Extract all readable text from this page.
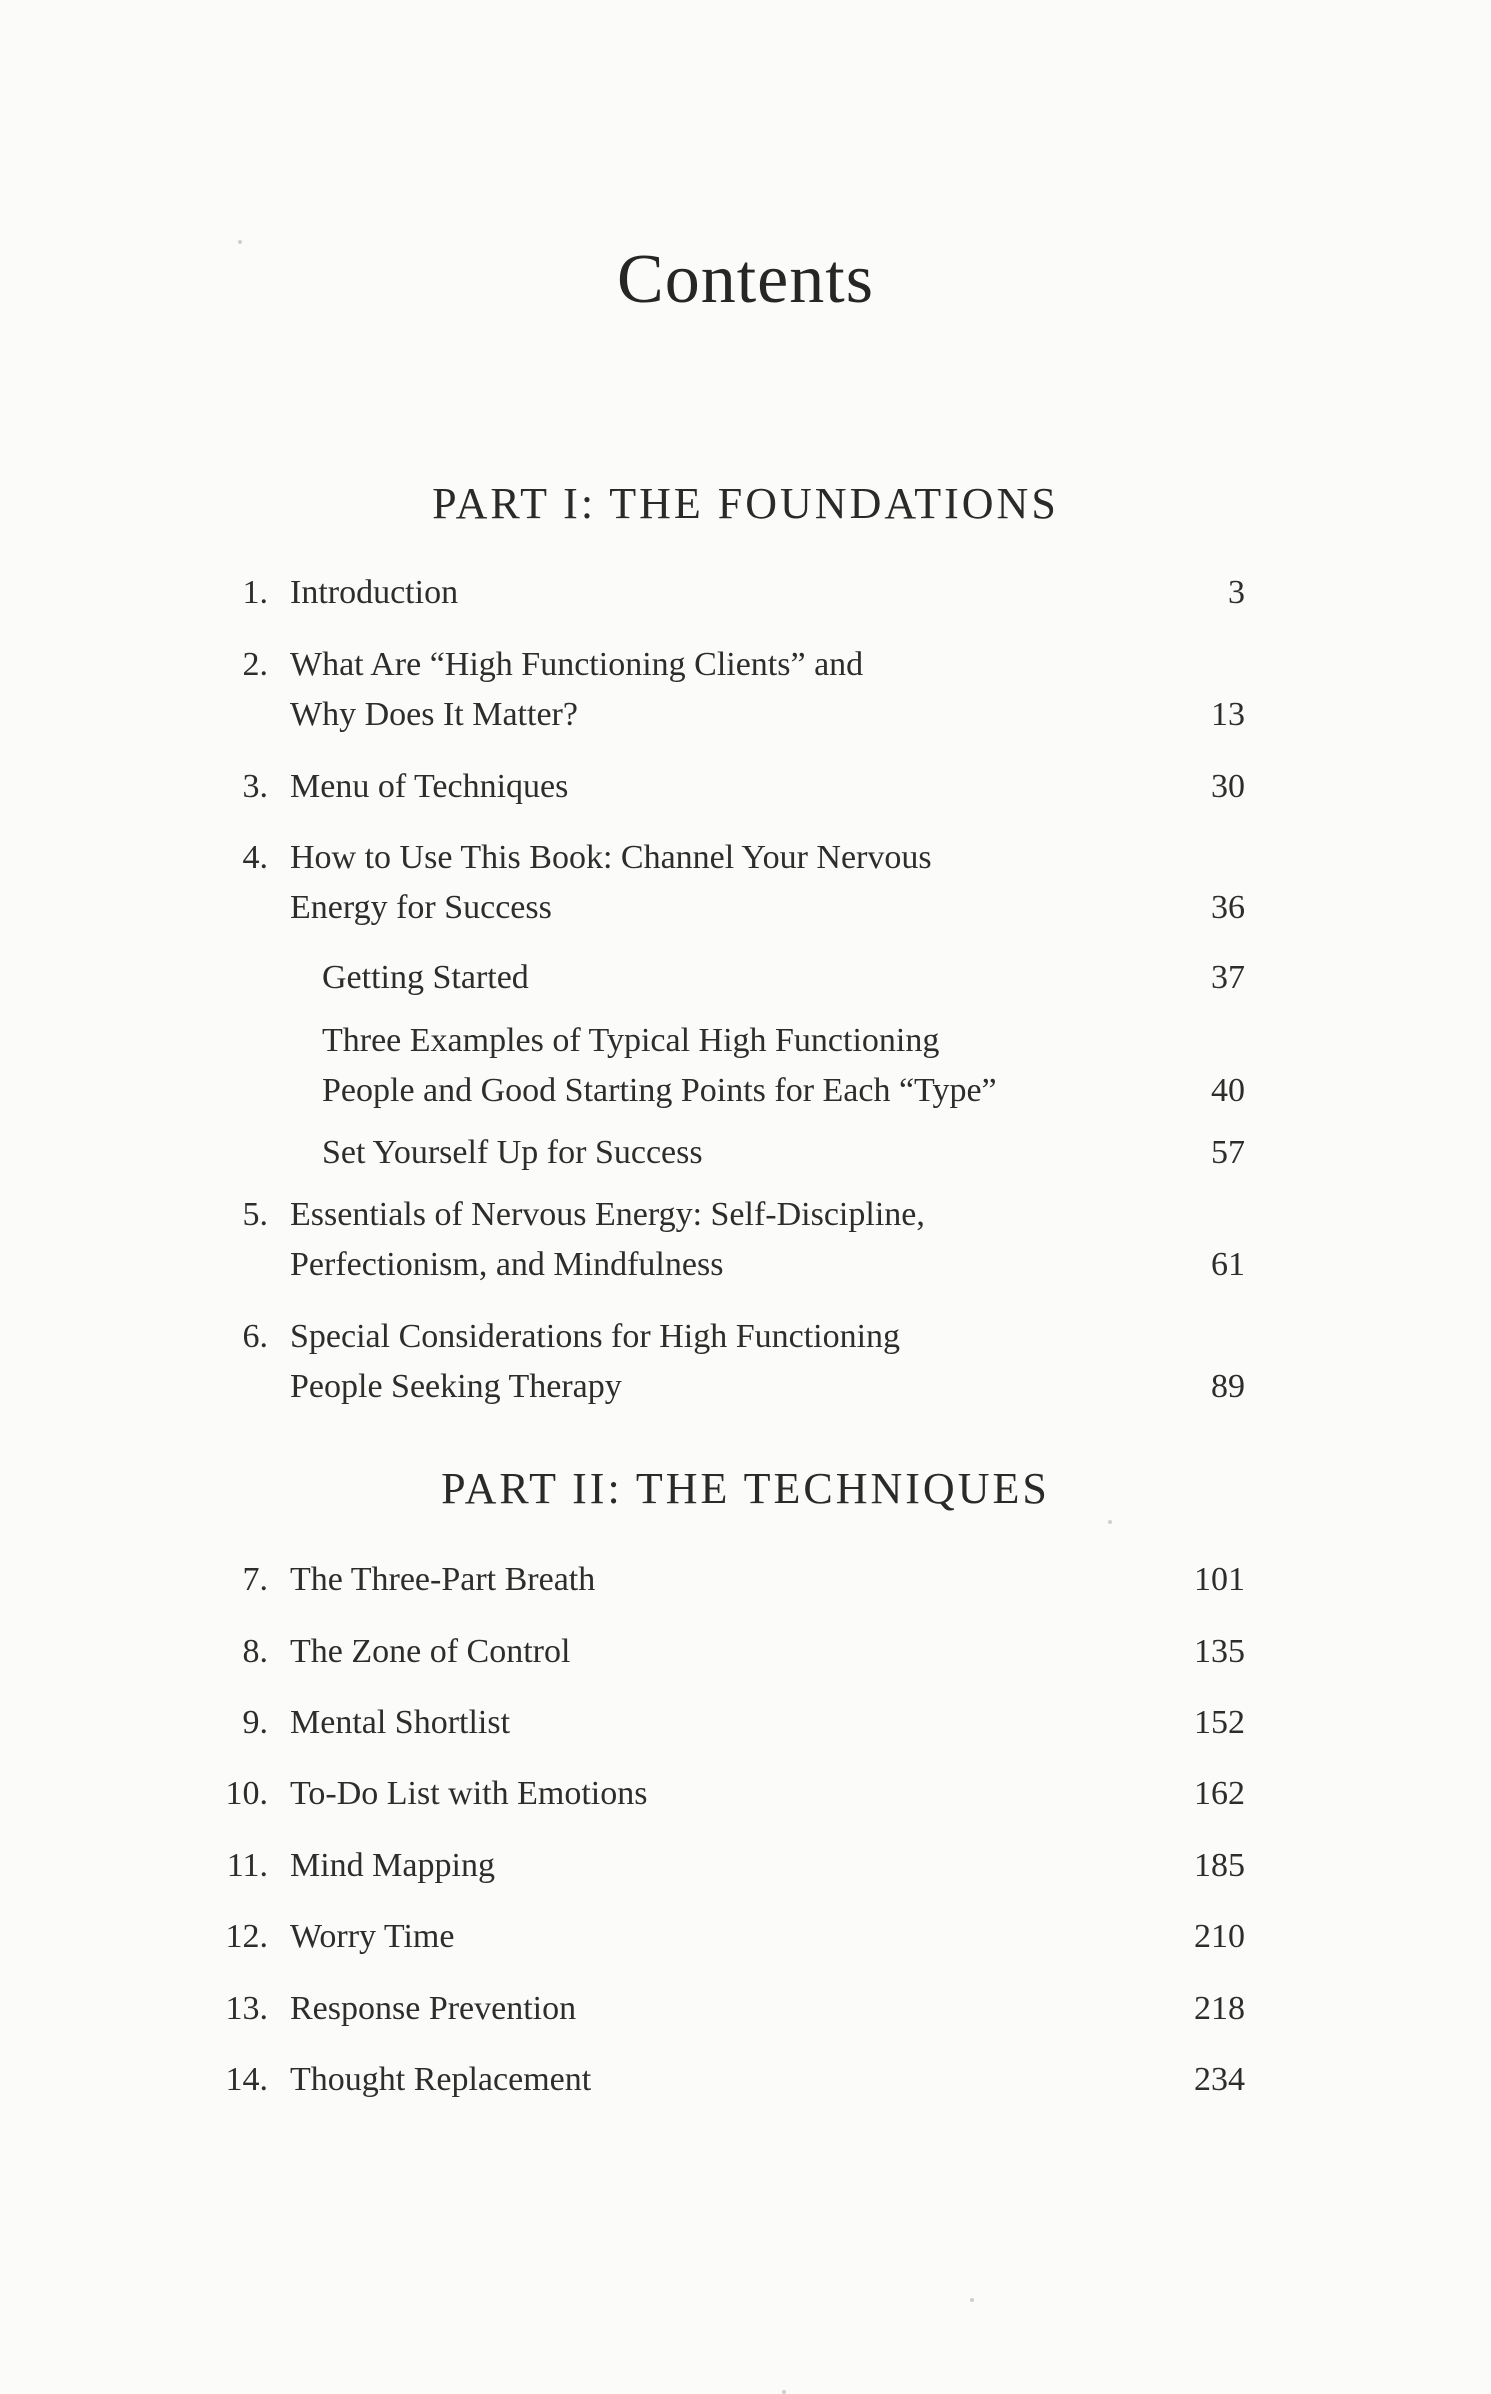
Contents
PART I: THE FOUNDATIONS
1. Introduction	3
2. What Are “High Functioning Clients” and
Why Does It Matter?	13
3. Menu of Techniques	30
4. How to Use This Book: Channel Your Nervous
Energy for Success	36
Getting Started	37
Three Examples of Typical High Functioning
People and Good Starting Points for Each “Type”	40
Set Yourself Up for Success	57
5. Essentials of Nervous Energy: Self-Discipline,
Perfectionism, and Mindfulness	61
6. Special Considerations for High Functioning
People Seeking Therapy	89
PART II: THE TECHNIQUES
7. The Three-Part Breath	101
8. The Zone of Control	135
9. Mental Shortlist	152
10. To-Do List with Emotions	162
11. Mind Mapping	185
12. Worry Time	210
13. Response Prevention	218
14. Thought Replacement	234
